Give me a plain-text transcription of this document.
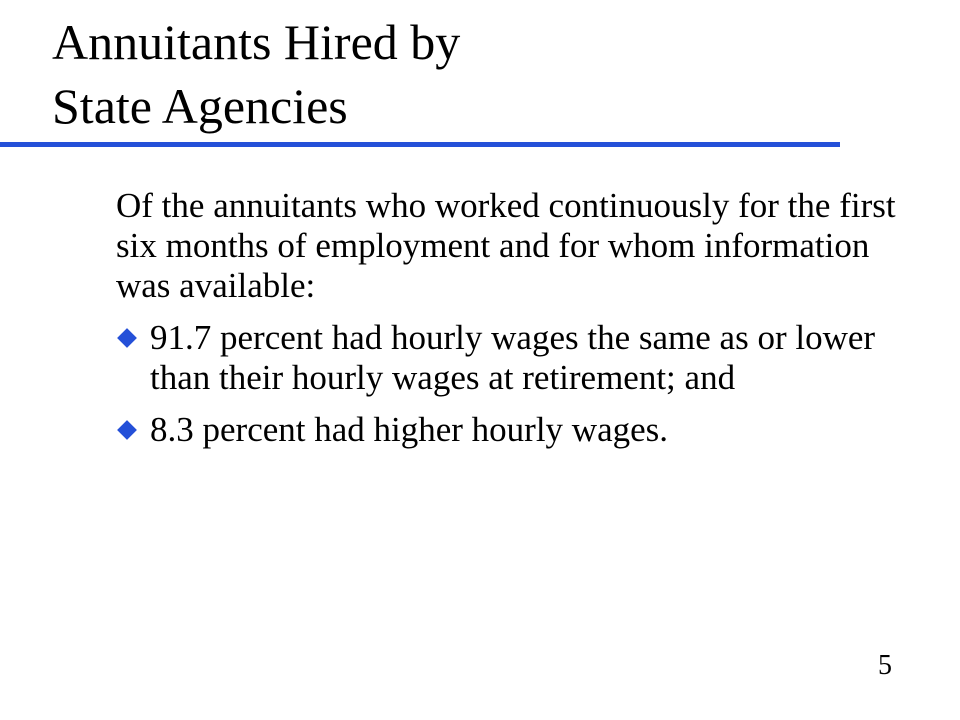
Annuitants Hired by
State Agencies

Of the annuitants who worked continuously for the first six months of employment and for whom information was available:

91.7 percent had hourly wages the same as or lower than their hourly wages at retirement; and
8.3 percent had higher hourly wages.
5
